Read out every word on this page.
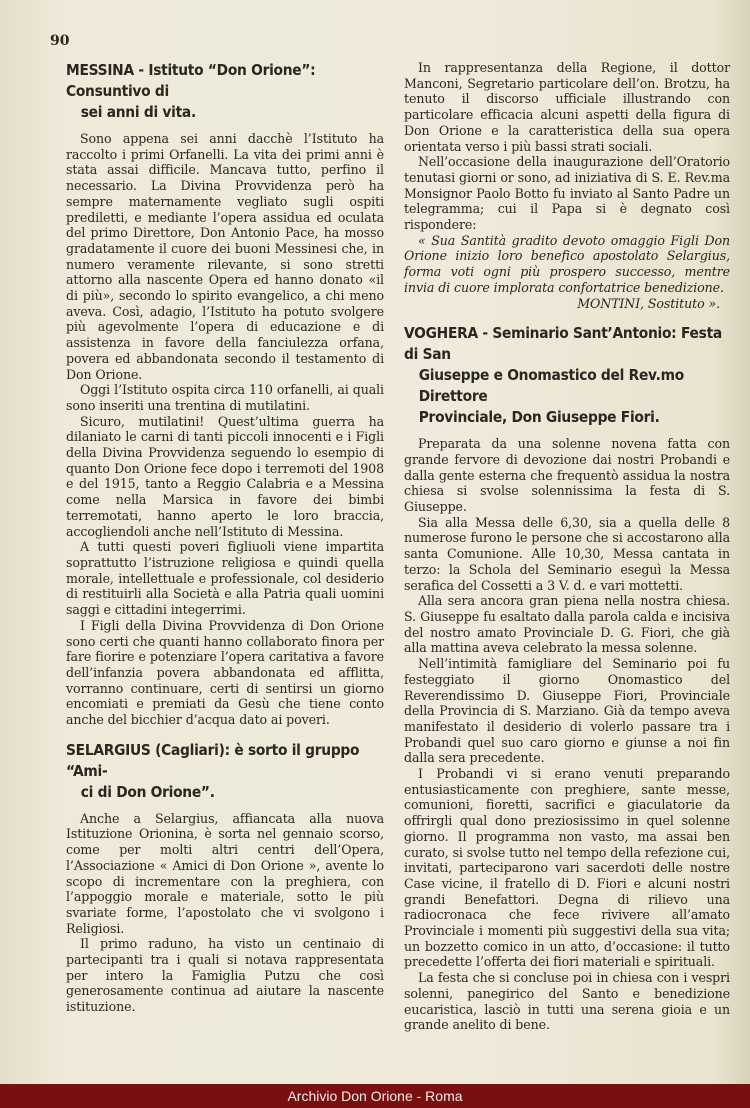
90
MESSINA - Istituto “Don Orione”: Consuntivo di
sei anni di vita.

Sono appena sei anni dacchè l’Istituto ha raccolto i primi Orfanelli. La vita dei primi anni è stata assai difficile. Mancava tutto, perfino il necessario. La Divina Provvidenza però ha sempre maternamente vegliato sugli ospiti prediletti, e mediante l’opera assidua ed oculata del primo Direttore, Don Antonio Pace, ha mosso gradatamente il cuore dei buoni Messinesi che, in numero veramente rilevante, si sono stretti attorno alla nascente Opera ed hanno donato «il di più», secondo lo spirito evangelico, a chi meno aveva. Così, adagio, l’Istituto ha potuto svolgere più agevolmente l’opera di educazione e di assistenza in favore della fanciulezza orfana, povera ed abbandonata secondo il testamento di Don Orione.

Oggi l’Istituto ospita circa 110 orfanelli, ai quali sono inseriti una trentina di mutilatini.

Sicuro, mutilatini! Quest’ultima guerra ha dilaniato le carni di tanti piccoli innocenti e i Figli della Divina Provvidenza seguendo lo esempio di quanto Don Orione fece dopo i terremoti del 1908 e del 1915, tanto a Reggio Calabria e a Messina come nella Marsica in favore dei bimbi terremotati, hanno aperto le loro braccia, accogliendoli anche nell’Istituto di Messina.

A tutti questi poveri figliuoli viene impartita soprattutto l’istruzione religiosa e quindi quella morale, intellettuale e professionale, col desiderio di restituirli alla Società e alla Patria quali uomini saggi e cittadini integerrimi.

I Figli della Divina Provvidenza di Don Orione sono certi che quanti hanno collaborato finora per fare fiorire e potenziare l’opera caritativa a favore dell’infanzia povera abbandonata ed afflitta, vorranno continuare, certi di sentirsi un giorno encomiati e premiati da Gesù che tiene conto anche del bicchier d’acqua dato ai poveri.

SELARGIUS (Cagliari): è sorto il gruppo “Ami-
ci di Don Orione”.

Anche a Selargius, affiancata alla nuova Istituzione Orionina, è sorta nel gennaio scorso, come per molti altri centri dell’Opera, l’Associazione « Amici di Don Orione », avente lo scopo di incrementare con la preghiera, con l’appoggio morale e materiale, sotto le più svariate forme, l’apostolato che vi svolgono i Religiosi.

Il primo raduno, ha visto un centinaio di partecipanti tra i quali si notava rappresentata per intero la Famiglia Putzu che così generosamente continua ad aiutare la nascente istituzione.

In rappresentanza della Regione, il dottor Manconi, Segretario particolare dell’on. Brotzu, ha tenuto il discorso ufficiale illustrando con particolare efficacia alcuni aspetti della figura di Don Orione e la caratteristica della sua opera orientata verso i più bassi strati sociali.

Nell’occasione della inaugurazione dell’Oratorio tenutasi giorni or sono, ad iniziativa di S. E. Rev.ma Monsignor Paolo Botto fu inviato al Santo Padre un telegramma; cui il Papa si è degnato così rispondere:

« Sua Santità gradito devoto omaggio Figli Don Orione inizio loro benefico apostolato Selargius, forma voti ogni più prospero successo, mentre invia di cuore implorata confortatrice benedizione.

MONTINI, Sostituto ».

VOGHERA - Seminario Sant’Antonio: Festa di San
Giuseppe e Onomastico del Rev.mo Direttore
Provinciale, Don Giuseppe Fiori.

Preparata da una solenne novena fatta con grande fervore di devozione dai nostri Probandi e dalla gente esterna che frequentò assidua la nostra chiesa si svolse solennissima la festa di S. Giuseppe.

Sia alla Messa delle 6,30, sia a quella delle 8 numerose furono le persone che si accostarono alla santa Comunione. Alle 10,30, Messa cantata in terzo: la Schola del Seminario eseguì la Messa serafica del Cossetti a 3 V. d. e vari mottetti.

Alla sera ancora gran piena nella nostra chiesa. S. Giuseppe fu esaltato dalla parola calda e incisiva del nostro amato Provinciale D. G. Fiori, che già alla mattina aveva celebrato la messa solenne.

Nell’intimità famigliare del Seminario poi fu festeggiato il giorno Onomastico del Reverendissimo D. Giuseppe Fiori, Provinciale della Provincia di S. Marziano. Già da tempo aveva manifestato il desiderio di volerlo passare tra i Probandi quel suo caro giorno e giunse a noi fin dalla sera precedente.

I Probandi vi si erano venuti preparando entusiasticamente con preghiere, sante messe, comunioni, fioretti, sacrifici e giaculatorie da offrirgli qual dono preziosissimo in quel solenne giorno. Il programma non vasto, ma assai ben curato, si svolse tutto nel tempo della refezione cui, invitati, parteciparono vari sacerdoti delle nostre Case vicine, il fratello di D. Fiori e alcuni nostri grandi Benefattori. Degna di rilievo una radiocronaca che fece rivivere all’amato Provinciale i momenti più suggestivi della sua vita; un bozzetto comico in un atto, d’occasione: il tutto precedette l’offerta dei fiori materiali e spirituali.

La festa che si concluse poi in chiesa con i vespri solenni, panegirico del Santo e benedizione eucaristica, lasciò in tutti una serena gioia e un grande anelito di bene.

Archivio Don Orione - Roma
